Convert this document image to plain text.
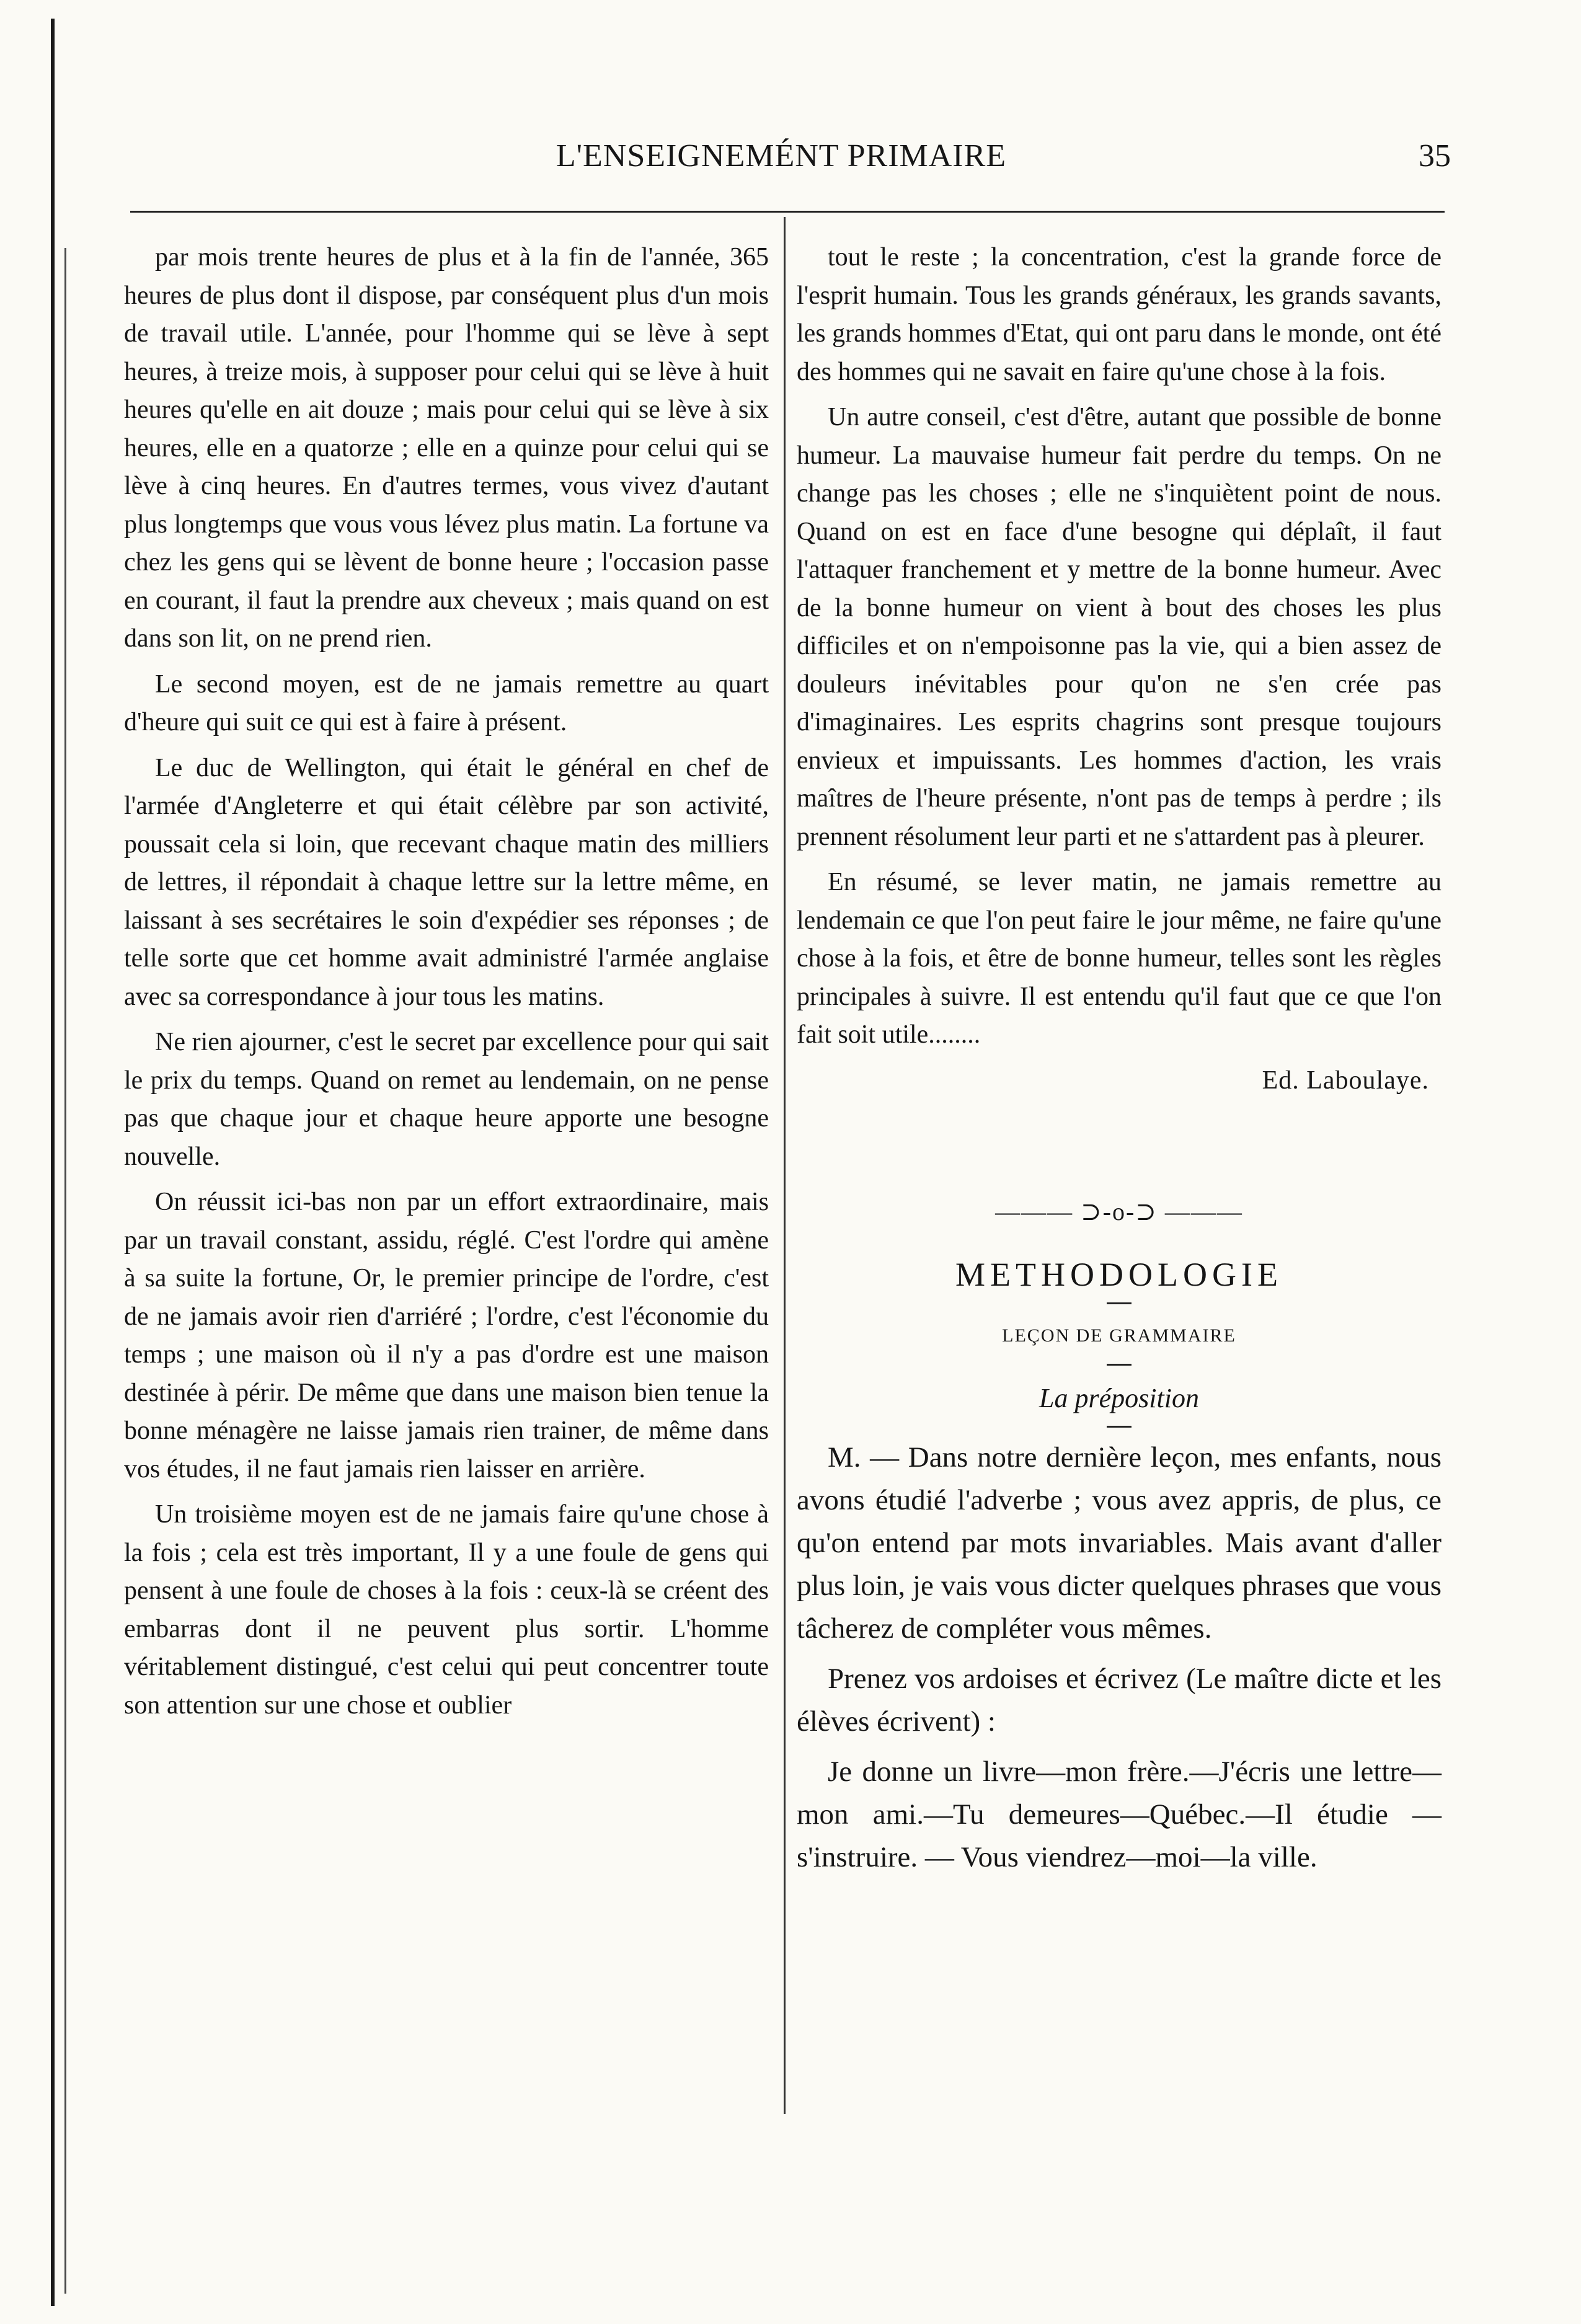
L'ENSEIGNEMÉNT PRIMAIRE	35

par mois trente heures de plus et à la fin de l'année, 365 heures de plus dont il dispose, par conséquent plus d'un mois de travail utile. L'année, pour l'homme qui se lève à sept heures, à treize mois, à supposer pour celui qui se lève à huit heures qu'elle en ait douze ; mais pour celui qui se lève à six heures, elle en a quatorze ; elle en a quinze pour celui qui se lève à cinq heures. En d'autres termes, vous vivez d'autant plus longtemps que vous vous lévez plus matin. La fortune va chez les gens qui se lèvent de bonne heure ; l'occasion passe en courant, il faut la prendre aux cheveux ; mais quand on est dans son lit, on ne prend rien.

Le second moyen, est de ne jamais remettre au quart d'heure qui suit ce qui est à faire à présent.

Le duc de Wellington, qui était le général en chef de l'armée d'Angleterre et qui était célèbre par son activité, poussait cela si loin, que recevant chaque matin des milliers de lettres, il répondait à chaque lettre sur la lettre même, en laissant à ses secrétaires le soin d'expédier ses réponses ; de telle sorte que cet homme avait administré l'armée anglaise avec sa correspondance à jour tous les matins.

Ne rien ajourner, c'est le secret par excellence pour qui sait le prix du temps. Quand on remet au lendemain, on ne pense pas que chaque jour et chaque heure apporte une besogne nouvelle.

On réussit ici-bas non par un effort extraordinaire, mais par un travail constant, assidu, réglé. C'est l'ordre qui amène à sa suite la fortune, Or, le premier principe de l'ordre, c'est de ne jamais avoir rien d'arriéré ; l'ordre, c'est l'économie du temps ; une maison où il n'y a pas d'ordre est une maison destinée à périr. De même que dans une maison bien tenue la bonne ménagère ne laisse jamais rien trainer, de même dans vos études, il ne faut jamais rien laisser en arrière.

Un troisième moyen est de ne jamais faire qu'une chose à la fois ; cela est très important, Il y a une foule de gens qui pensent à une foule de choses à la fois : ceux-là se créent des embarras dont il ne peuvent plus sortir. L'homme véritablement distingué, c'est celui qui peut concentrer toute son attention sur une chose et oublier

tout le reste ; la concentration, c'est la grande force de l'esprit humain. Tous les grands généraux, les grands savants, les grands hommes d'Etat, qui ont paru dans le monde, ont été des hommes qui ne savait en faire qu'une chose à la fois.

Un autre conseil, c'est d'être, autant que possible de bonne humeur. La mauvaise humeur fait perdre du temps. On ne change pas les choses ; elle ne s'inquiètent point de nous. Quand on est en face d'une besogne qui déplaît, il faut l'attaquer franchement et y mettre de la bonne humeur. Avec de la bonne humeur on vient à bout des choses les plus difficiles et on n'empoisonne pas la vie, qui a bien assez de douleurs inévitables pour qu'on ne s'en crée pas d'imaginaires. Les esprits chagrins sont presque toujours envieux et impuissants. Les hommes d'action, les vrais maîtres de l'heure présente, n'ont pas de temps à perdre ; ils prennent résolument leur parti et ne s'attardent pas à pleurer.

En résumé, se lever matin, ne jamais remettre au lendemain ce que l'on peut faire le jour même, ne faire qu'une chose à la fois, et être de bonne humeur, telles sont les règles principales à suivre. Il est entendu qu'il faut que ce que l'on fait soit utile........

Ed. Laboulaye.
——— ⊃-o-⊃ ———
METHODOLOGIE
LEÇON DE GRAMMAIRE
La préposition

M. — Dans notre dernière leçon, mes enfants, nous avons étudié l'adverbe ; vous avez appris, de plus, ce qu'on entend par mots invariables. Mais avant d'aller plus loin, je vais vous dicter quelques phrases que vous tâcherez de compléter vous mêmes.

Prenez vos ardoises et écrivez (Le maître dicte et les élèves écrivent) :

Je donne un livre—mon frère.—J'écris une lettre—mon ami.—Tu demeures—Québec.—Il étudie — s'instruire. — Vous viendrez—moi—la ville.
